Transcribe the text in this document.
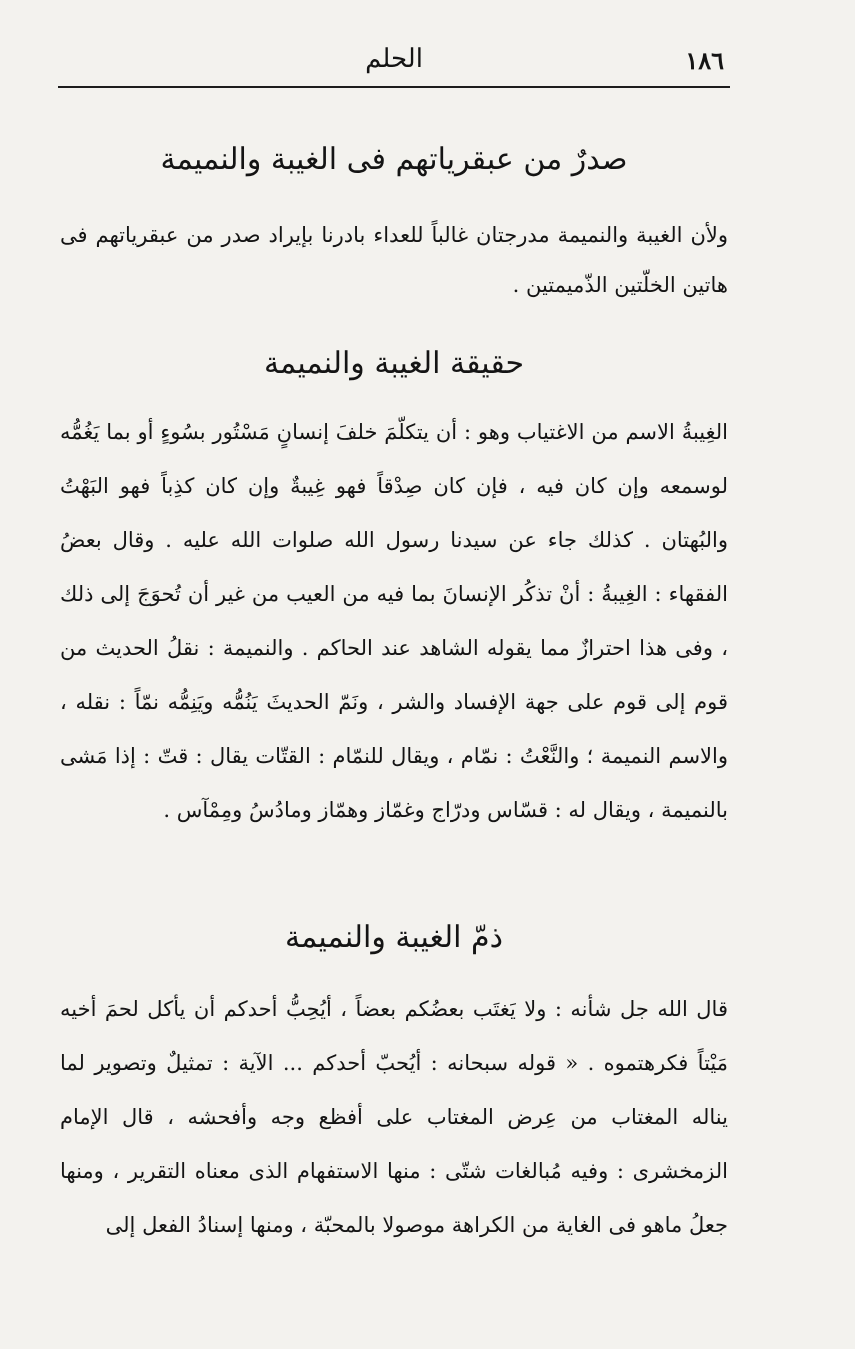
١٨٦
الحلم
صدرٌ من عبقرياتهم فى الغيبة والنميمة

ولأن الغيبة والنميمة مدرجتان غالباً للعداء بادرنا بإيراد صدر من عبقرياتهم فى هاتين الخلّتين الذّميمتين .

حقيقة الغيبة والنميمة

الغِيبةُ الاسم من الاغتياب وهو : أن يتكلّمَ خلفَ إنسانٍ مَسْتُور بسُوءٍ أو بما يَغُمُّه لوسمعه وإن كان فيه ، فإن كان صِدْقاً فهو غِيبةٌ وإن كان كذِباً فهو البَهْتُ والبُهتان . كذلك جاء عن سيدنا رسول الله صلوات الله عليه . وقال بعضُ الفقهاء : الغِيبةُ : أنْ تذكُر الإنسانَ بما فيه من العيب من غير أن تُحوَجَ إلى ذلك ، وفى هذا احترازٌ مما يقوله الشاهد عند الحاكم . والنميمة : نقلُ الحديث من قوم إلى قوم على جهة الإفساد والشر ، ونَمّ الحديثَ يَنُمُّه ويَنِمُّه نمّاً : نقله ، والاسم النميمة ؛ والنَّعْتُ : نمّام ، ويقال للنمّام : القتّات يقال : قتّ : إذا مَشى بالنميمة ، ويقال له : قسّاس ودرّاج وغمّاز وهمّاز ومادُسُ ومِمْآس .

ذمّ الغيبة والنميمة

قال الله جل شأنه : ولا يَغتَب بعضُكم بعضاً ، أيُحِبُّ أحدكم أن يأكل لحمَ أخيه مَيْتاً فكرهتموه . « قوله سبحانه : أيُحبّ أحدكم ... الآية : تمثيلٌ وتصوير لما يناله المغتاب من عِرض المغتاب على أفظع وجه وأفحشه ، قال الإمام الزمخشرى : وفيه مُبالغات شتّى : منها الاستفهام الذى معناه التقرير ، ومنها جعلُ ماهو فى الغاية من الكراهة موصولا بالمحبّة ، ومنها إسنادُ الفعل إلى
